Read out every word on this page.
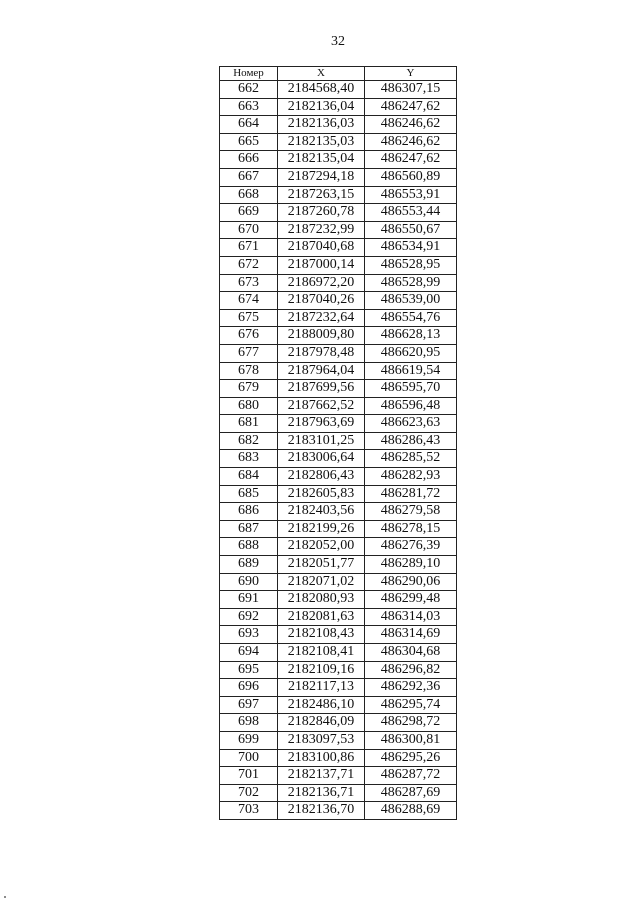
32
Номер	X	Y
662	2184568,40	486307,15
663	2182136,04	486247,62
664	2182136,03	486246,62
665	2182135,03	486246,62
666	2182135,04	486247,62
667	2187294,18	486560,89
668	2187263,15	486553,91
669	2187260,78	486553,44
670	2187232,99	486550,67
671	2187040,68	486534,91
672	2187000,14	486528,95
673	2186972,20	486528,99
674	2187040,26	486539,00
675	2187232,64	486554,76
676	2188009,80	486628,13
677	2187978,48	486620,95
678	2187964,04	486619,54
679	2187699,56	486595,70
680	2187662,52	486596,48
681	2187963,69	486623,63
682	2183101,25	486286,43
683	2183006,64	486285,52
684	2182806,43	486282,93
685	2182605,83	486281,72
686	2182403,56	486279,58
687	2182199,26	486278,15
688	2182052,00	486276,39
689	2182051,77	486289,10
690	2182071,02	486290,06
691	2182080,93	486299,48
692	2182081,63	486314,03
693	2182108,43	486314,69
694	2182108,41	486304,68
695	2182109,16	486296,82
696	2182117,13	486292,36
697	2182486,10	486295,74
698	2182846,09	486298,72
699	2183097,53	486300,81
700	2183100,86	486295,26
701	2182137,71	486287,72
702	2182136,71	486287,69
703	2182136,70	486288,69
